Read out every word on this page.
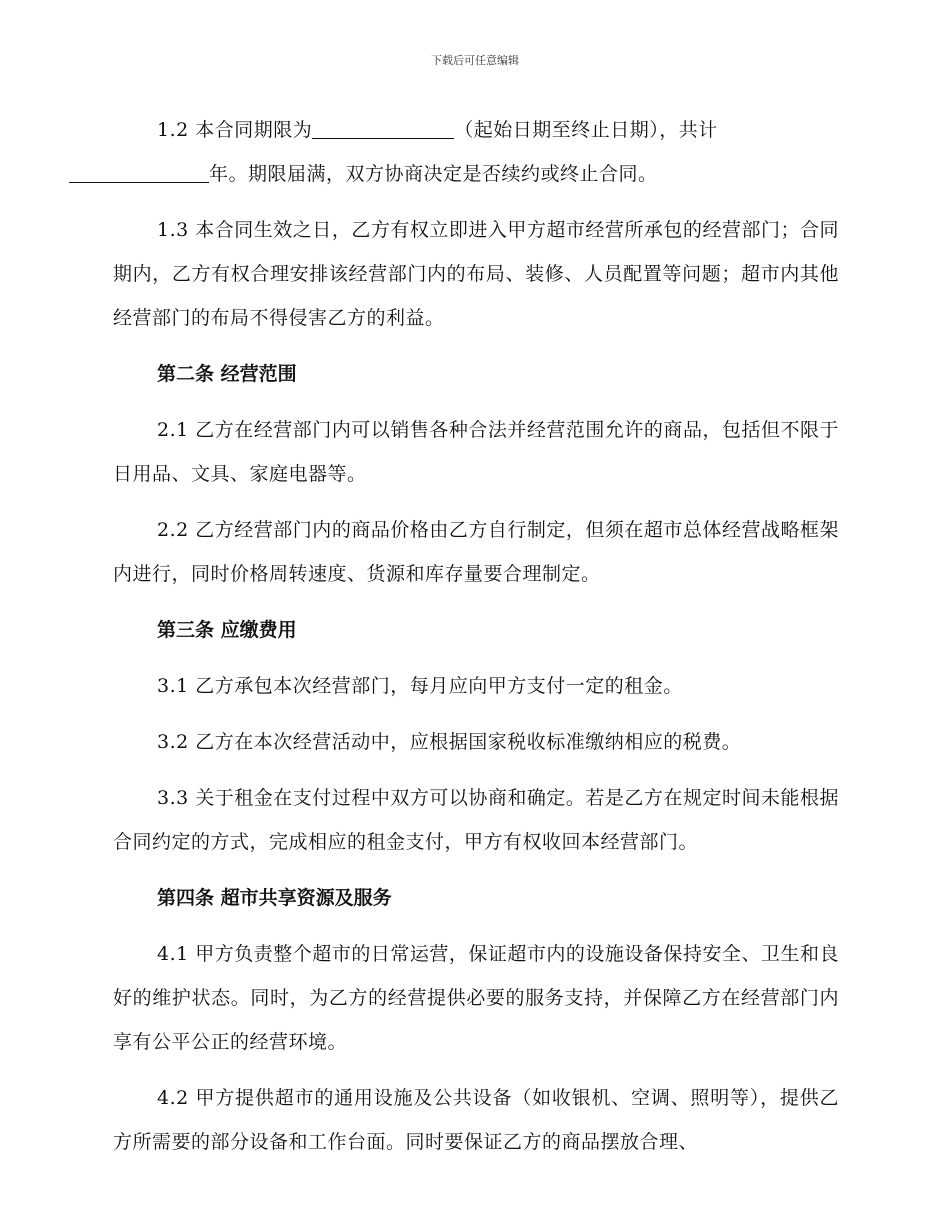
下载后可任意编辑

1.2 本合同期限为	（起始日期至终止日期），共计
年。期限届满，双方协商决定是否续约或终止合同。

1.3 本合同生效之日，乙方有权立即进入甲方超市经营所承包的经营部门；合同期内，乙方有权合理安排该经营部门内的布局、装修、人员配置等问题；超市内其他经营部门的布局不得侵害乙方的利益。

第二条 经营范围

2.1 乙方在经营部门内可以销售各种合法并经营范围允许的商品，包括但不限于日用品、文具、家庭电器等。

2.2 乙方经营部门内的商品价格由乙方自行制定，但须在超市总体经营战略框架内进行，同时价格周转速度、货源和库存量要合理制定。

第三条 应缴费用

3.1 乙方承包本次经营部门，每月应向甲方支付一定的租金。

3.2 乙方在本次经营活动中，应根据国家税收标准缴纳相应的税费。

3.3 关于租金在支付过程中双方可以协商和确定。若是乙方在规定时间未能根据合同约定的方式，完成相应的租金支付，甲方有权收回本经营部门。

第四条 超市共享资源及服务

4.1 甲方负责整个超市的日常运营，保证超市内的设施设备保持安全、卫生和良好的维护状态。同时，为乙方的经营提供必要的服务支持，并保障乙方在经营部门内享有公平公正的经营环境。

4.2 甲方提供超市的通用设施及公共设备（如收银机、空调、照明等），提供乙方所需要的部分设备和工作台面。同时要保证乙方的商品摆放合理、
